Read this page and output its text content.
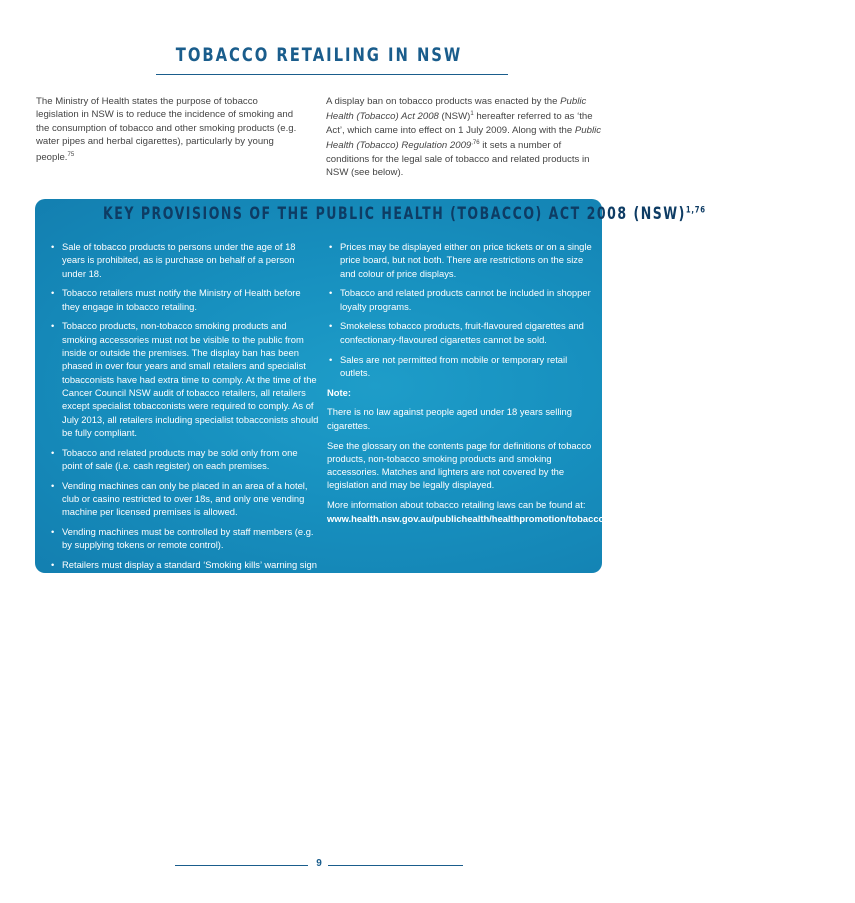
TOBACCO RETAILING IN NSW

The Ministry of Health states the purpose of tobacco legislation in NSW is to reduce the incidence of smoking and the consumption of tobacco and other smoking products (e.g. water pipes and herbal cigarettes), particularly by young people.$^{75}$

A display ban on tobacco products was enacted by the Public Health (Tobacco) Act 2008 (NSW)$^1$ hereafter referred to as ‘the Act’, which came into effect on 1 July 2009. Along with the Public Health (Tobacco) Regulation $2009^{,76}$ it sets a number of conditions for the legal sale of tobacco and related products in NSW (see below).

KEY PROVISIONS OF THE PUBLIC HEALTH (TOBACCO) ACT 2008 (NSW)$^{1,76}$
• Sale of tobacco products to persons under the age of 18 years is prohibited, as is purchase on behalf of a person under 18.
• Tobacco retailers must notify the Ministry of Health before they engage in tobacco retailing.
• Tobacco products, non-tobacco smoking products and smoking accessories must not be visible to the public from inside or outside the premises. The display ban has been phased in over four years and small retailers and specialist tobacconists have had extra time to comply. At the time of the Cancer Council NSW audit of tobacco retailers, all retailers except specialist tobacconists were required to comply. As of July 2013, all retailers including specialist tobacconists should be fully compliant.
• Tobacco and related products may be sold only from one point of sale (i.e. cash register) on each premises.
• Vending machines can only be placed in an area of a hotel, club or casino restricted to over 18s, and only one vending machine per licensed premises is allowed.
• Vending machines must be controlled by staff members (e.g. by supplying tokens or remote control).
• Retailers must display a standard ‘Smoking kills’ warning sign and a notice that it is illegal to sell tobacco products to persons under 18.
• Prices may be displayed either on price tickets or on a single price board, but not both. There are restrictions on the size and colour of price displays.
• Tobacco and related products cannot be included in shopper loyalty programs.
• Smokeless tobacco products, fruit-flavoured cigarettes and confectionary-flavoured cigarettes cannot be sold.
• Sales are not permitted from mobile or temporary retail outlets.

Note:

There is no law against people aged under 18 years selling cigarettes.

See the glossary on the contents page for definitions of tobacco products, non-tobacco smoking products and smoking accessories. Matches and lighters are not covered by the legislation and may be legally displayed.

More information about tobacco retailing laws can be found at: www.health.nsw.gov.au/publichealth/healthpromotion/tobacco/information_for_tobacco_retailers_and_consumers.asp

9
